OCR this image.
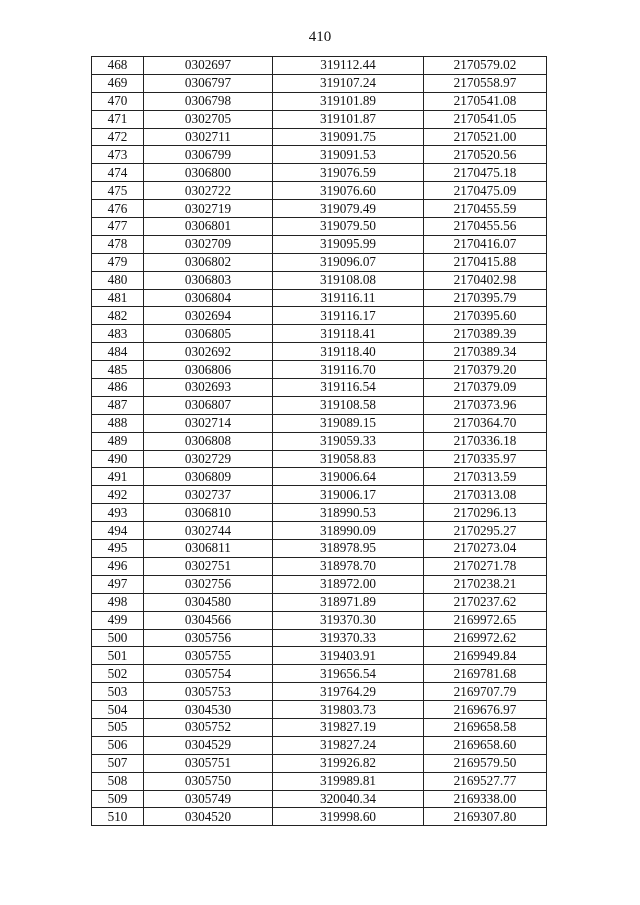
410
468	0302697	319112.44	2170579.02
469	0306797	319107.24	2170558.97
470	0306798	319101.89	2170541.08
471	0302705	319101.87	2170541.05
472	0302711	319091.75	2170521.00
473	0306799	319091.53	2170520.56
474	0306800	319076.59	2170475.18
475	0302722	319076.60	2170475.09
476	0302719	319079.49	2170455.59
477	0306801	319079.50	2170455.56
478	0302709	319095.99	2170416.07
479	0306802	319096.07	2170415.88
480	0306803	319108.08	2170402.98
481	0306804	319116.11	2170395.79
482	0302694	319116.17	2170395.60
483	0306805	319118.41	2170389.39
484	0302692	319118.40	2170389.34
485	0306806	319116.70	2170379.20
486	0302693	319116.54	2170379.09
487	0306807	319108.58	2170373.96
488	0302714	319089.15	2170364.70
489	0306808	319059.33	2170336.18
490	0302729	319058.83	2170335.97
491	0306809	319006.64	2170313.59
492	0302737	319006.17	2170313.08
493	0306810	318990.53	2170296.13
494	0302744	318990.09	2170295.27
495	0306811	318978.95	2170273.04
496	0302751	318978.70	2170271.78
497	0302756	318972.00	2170238.21
498	0304580	318971.89	2170237.62
499	0304566	319370.30	2169972.65
500	0305756	319370.33	2169972.62
501	0305755	319403.91	2169949.84
502	0305754	319656.54	2169781.68
503	0305753	319764.29	2169707.79
504	0304530	319803.73	2169676.97
505	0305752	319827.19	2169658.58
506	0304529	319827.24	2169658.60
507	0305751	319926.82	2169579.50
508	0305750	319989.81	2169527.77
509	0305749	320040.34	2169338.00
510	0304520	319998.60	2169307.80
